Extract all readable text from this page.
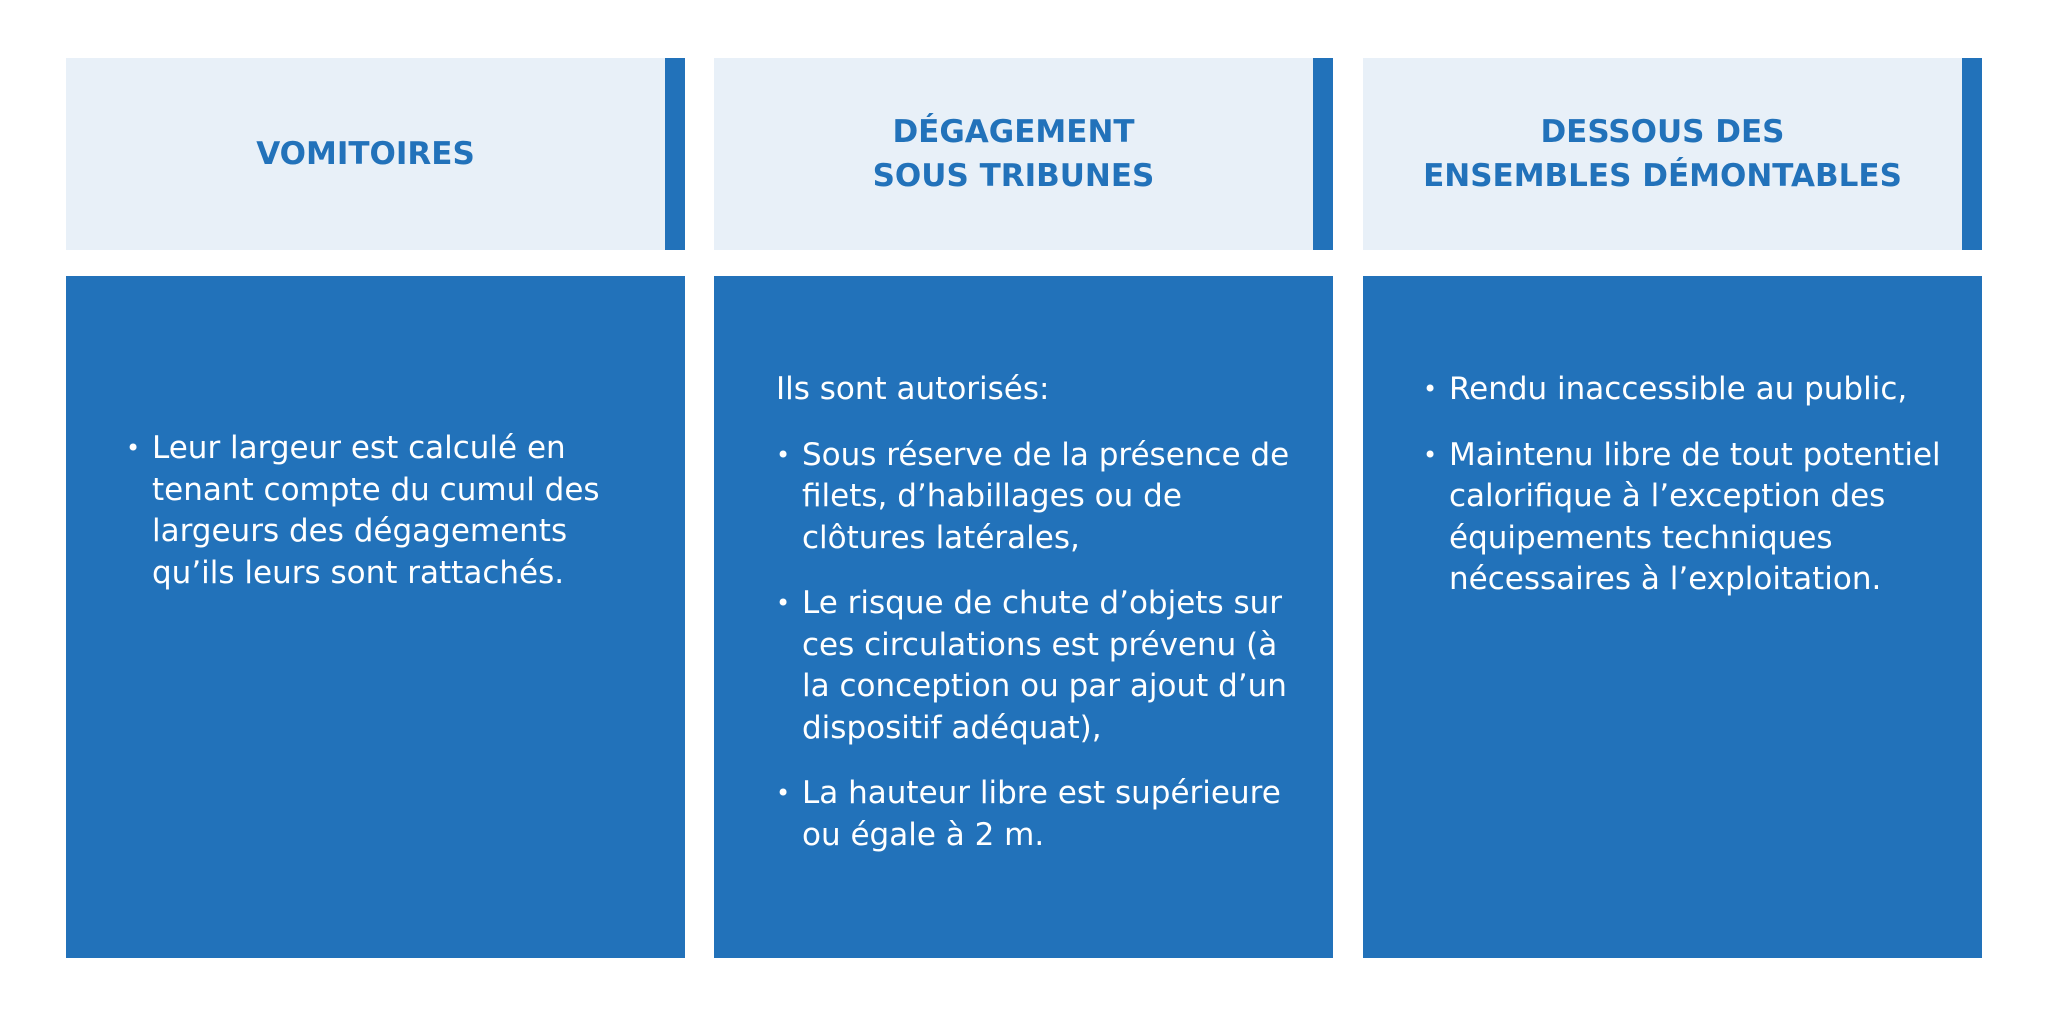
VOMITOIRES
• Leur largeur est calculé en tenant compte du cumul des largeurs des dégagements qu’ils leurs sont rattachés.
DÉGAGEMENT
SOUS TRIBUNES

Ils sont autorisés:

• Sous réserve de la présence de filets, d’habillages ou de clôtures latérales,
• Le risque de chute d’objets sur ces circulations est prévenu (à la conception ou par ajout d’un dispositif adéquat),
• La hauteur libre est supérieure ou égale à 2 m.
DESSOUS DES
ENSEMBLES DÉMONTABLES
• Rendu inaccessible au public,
• Maintenu libre de tout potentiel calorifique à l’exception des équipements techniques nécessaires à l’exploitation.
